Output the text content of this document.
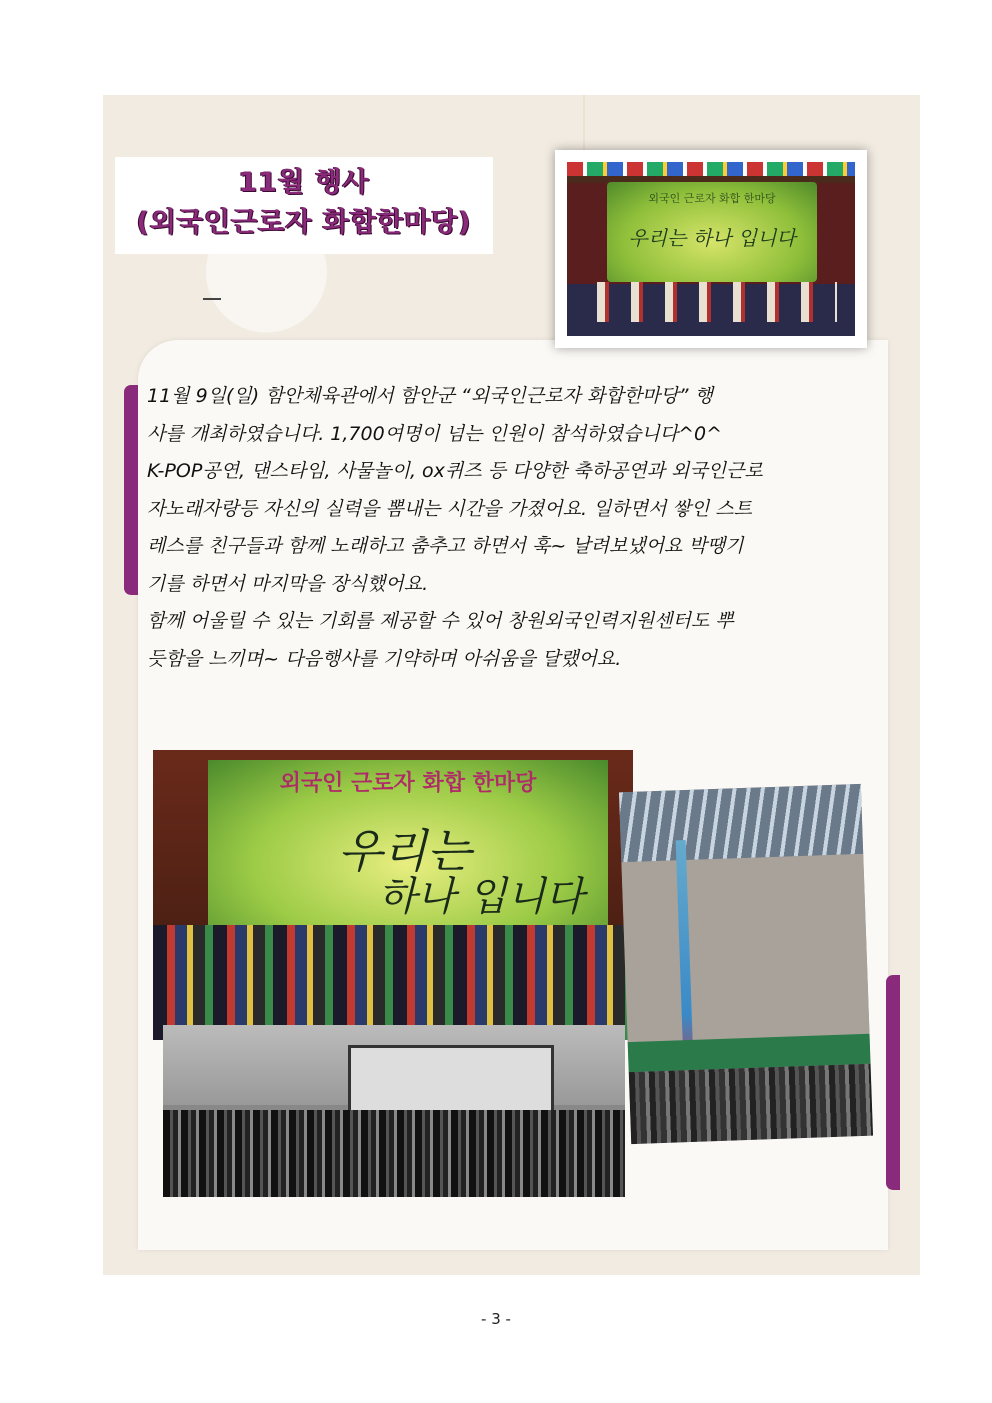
11월 행사
(외국인근로자 화합한마당)
외국인 근로자 화합 한마당
우리는 하나 입니다

11월 9일(일) 함안체육관에서 함안군 “외국인근로자 화합한마당” 행

사를 개최하였습니다. 1,700여명이 넘는 인원이 참석하였습니다^0^

K-POP공연, 댄스타임, 사물놀이, ox퀴즈 등 다양한 축하공연과 외국인근로

자노래자랑등 자신의 실력을 뽐내는 시간을 가졌어요. 일하면서 쌓인 스트

레스를 친구들과 함께 노래하고 춤추고 하면서 훅~ 날려보냈어요 박땡기

기를 하면서 마지막을 장식했어요.

함께 어울릴 수 있는 기회를 제공할 수 있어 창원외국인력지원센터도 뿌

듯함을 느끼며~ 다음행사를 기약하며 아쉬움을 달랬어요.

외국인 근로자 화합 한마당
우리는
하나 입니다
- 3 -
